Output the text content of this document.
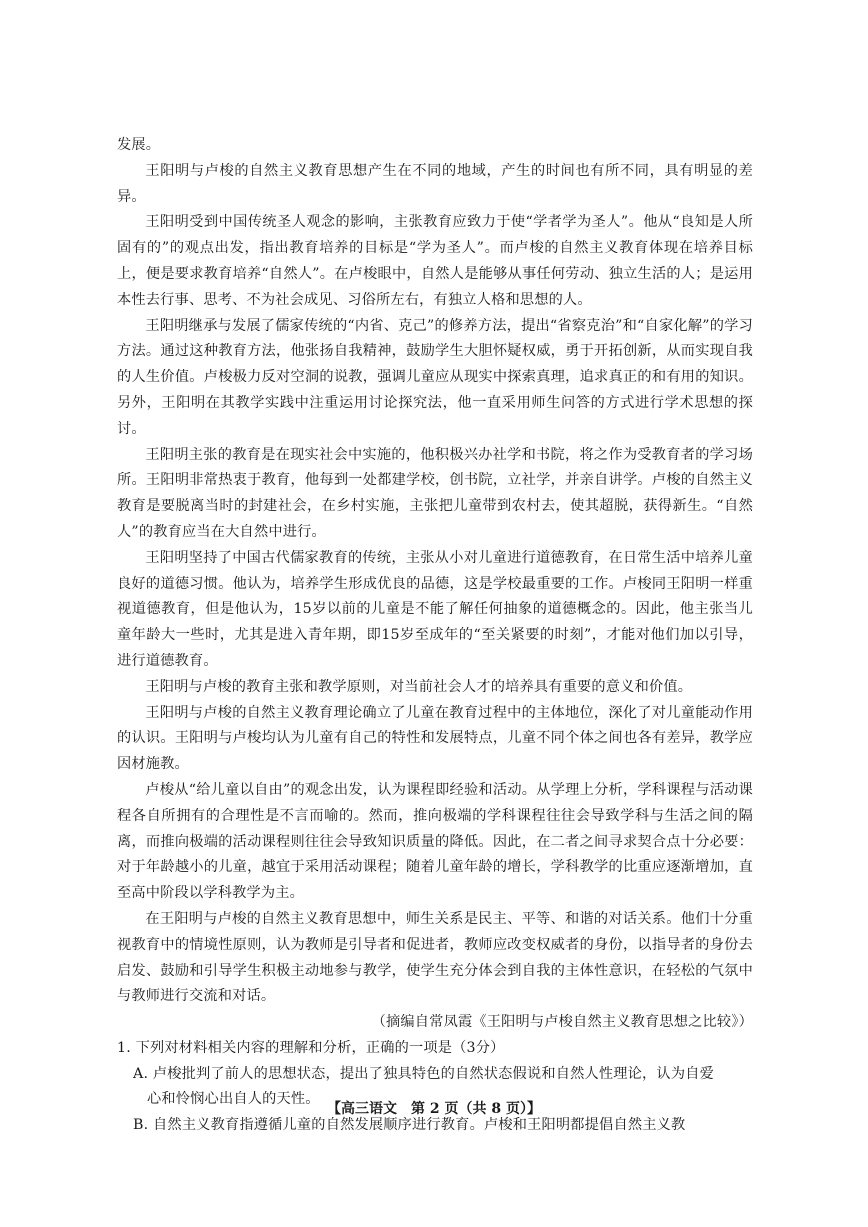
发展。

王阳明与卢梭的自然主义教育思想产生在不同的地域，产生的时间也有所不同，具有明显的差异。

王阳明受到中国传统圣人观念的影响，主张教育应致力于使“学者学为圣人”。他从“良知是人所固有的”的观点出发，指出教育培养的目标是“学为圣人”。而卢梭的自然主义教育体现在培养目标上，便是要求教育培养“自然人”。在卢梭眼中，自然人是能够从事任何劳动、独立生活的人；是运用本性去行事、思考、不为社会成见、习俗所左右，有独立人格和思想的人。

王阳明继承与发展了儒家传统的“内省、克己”的修养方法，提出“省察克治”和“自家化解”的学习方法。通过这种教育方法，他张扬自我精神，鼓励学生大胆怀疑权威，勇于开拓创新，从而实现自我的人生价值。卢梭极力反对空洞的说教，强调儿童应从现实中探索真理，追求真正的和有用的知识。另外，王阳明在其教学实践中注重运用讨论探究法，他一直采用师生问答的方式进行学术思想的探讨。

王阳明主张的教育是在现实社会中实施的，他积极兴办社学和书院，将之作为受教育者的学习场所。王阳明非常热衷于教育，他每到一处都建学校，创书院，立社学，并亲自讲学。卢梭的自然主义教育是要脱离当时的封建社会，在乡村实施，主张把儿童带到农村去，使其超脱，获得新生。“自然人”的教育应当在大自然中进行。

王阳明坚持了中国古代儒家教育的传统，主张从小对儿童进行道德教育，在日常生活中培养儿童良好的道德习惯。他认为，培养学生形成优良的品德，这是学校最重要的工作。卢梭同王阳明一样重视道德教育，但是他认为，15岁以前的儿童是不能了解任何抽象的道德概念的。因此，他主张当儿童年龄大一些时，尤其是进入青年期，即15岁至成年的“至关紧要的时刻”，才能对他们加以引导，进行道德教育。

王阳明与卢梭的教育主张和教学原则，对当前社会人才的培养具有重要的意义和价值。

王阳明与卢梭的自然主义教育理论确立了儿童在教育过程中的主体地位，深化了对儿童能动作用的认识。王阳明与卢梭均认为儿童有自己的特性和发展特点，儿童不同个体之间也各有差异，教学应因材施教。

卢梭从“给儿童以自由”的观念出发，认为课程即经验和活动。从学理上分析，学科课程与活动课程各自所拥有的合理性是不言而喻的。然而，推向极端的学科课程往往会导致学科与生活之间的隔离，而推向极端的活动课程则往往会导致知识质量的降低。因此，在二者之间寻求契合点十分必要：对于年龄越小的儿童，越宜于采用活动课程；随着儿童年龄的增长，学科教学的比重应逐渐增加，直至高中阶段以学科教学为主。

在王阳明与卢梭的自然主义教育思想中，师生关系是民主、平等、和谐的对话关系。他们十分重视教育中的情境性原则，认为教师是引导者和促进者，教师应改变权威者的身份，以指导者的身份去启发、鼓励和引导学生积极主动地参与教学，使学生充分体会到自我的主体性意识，在轻松的气氛中与教师进行交流和对话。

（摘编自常凤霞《王阳明与卢梭自然主义教育思想之比较》）

1. 下列对材料相关内容的理解和分析，正确的一项是（3分）

A. 卢梭批判了前人的思想状态，提出了独具特色的自然状态假说和自然人性理论，认为自爱
心和怜悯心出自人的天性。

B. 自然主义教育指遵循儿童的自然发展顺序进行教育。卢梭和王阳明都提倡自然主义教

【高三语文　第 2 页（共 8 页）】
